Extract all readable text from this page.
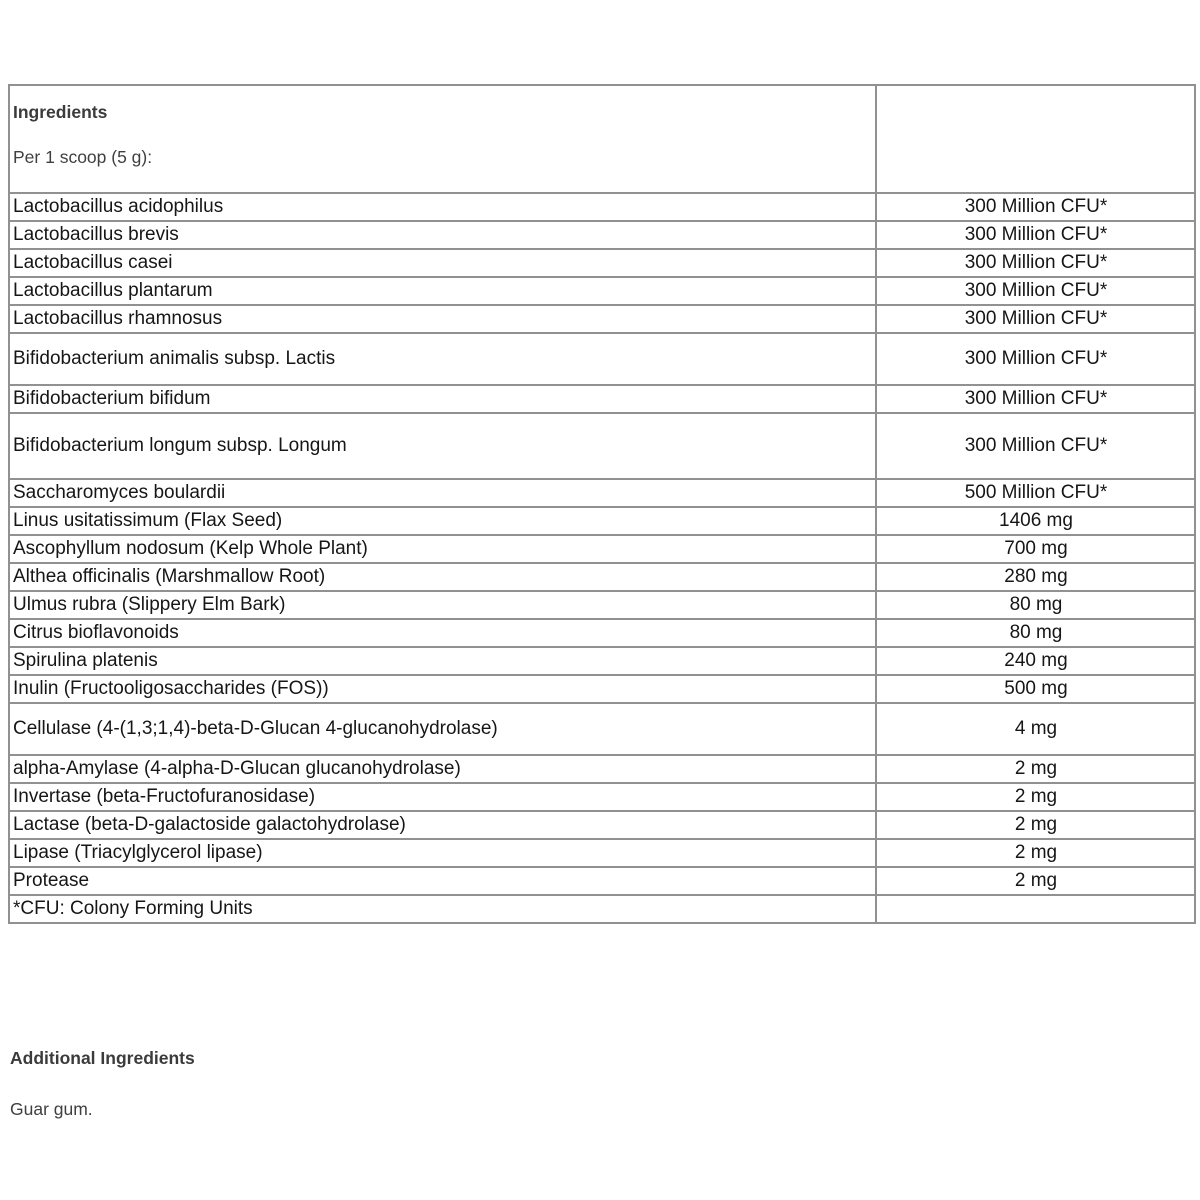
Ingredients

Per 1 scoop (5 g):	

Lactobacillus acidophilus	300 Million CFU*
Lactobacillus brevis	300 Million CFU*
Lactobacillus casei	300 Million CFU*
Lactobacillus plantarum	300 Million CFU*
Lactobacillus rhamnosus	300 Million CFU*
Bifidobacterium animalis subsp. Lactis	300 Million CFU*
Bifidobacterium bifidum	300 Million CFU*
Bifidobacterium longum subsp. Longum	300 Million CFU*
Saccharomyces boulardii	500 Million CFU*
Linus usitatissimum (Flax Seed)	1406 mg
Ascophyllum nodosum (Kelp Whole Plant)	700 mg
Althea officinalis (Marshmallow Root)	280 mg
Ulmus rubra (Slippery Elm Bark)	80 mg
Citrus bioflavonoids	80 mg
Spirulina platenis	240 mg
Inulin (Fructooligosaccharides (FOS))	500 mg
Cellulase (4-(1,3;1,4)-beta-D-Glucan 4-glucanohydrolase)	4 mg
alpha-Amylase (4-alpha-D-Glucan glucanohydrolase)	2 mg
Invertase (beta-Fructofuranosidase)	2 mg
Lactase (beta-D-galactoside galactohydrolase)	2 mg
Lipase (Triacylglycerol lipase)	2 mg
Protease	2 mg
*CFU: Colony Forming Units	

Additional Ingredients

Guar gum.
